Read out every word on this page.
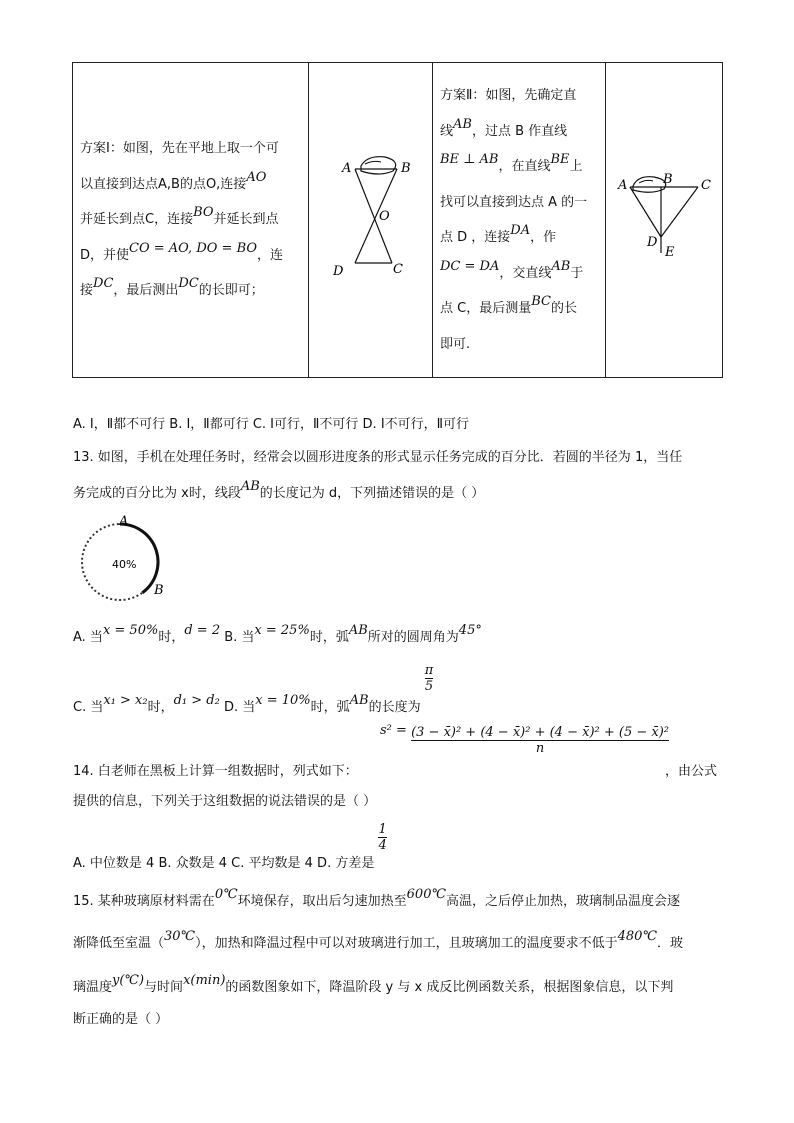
方案Ⅰ：如图，先在平地上取一个可
以直接到达点A,B的点O,连接AO
并延长到点C，连接BO并延长到点
D，并使CO = AO, DO = BO，连
接DC，最后测出DC的长即可；

A	B
O
C
D

方案Ⅱ：如图，先确定直
线AB，过点 B 作直线
BE ⊥ AB，在直线BE上
找可以直接到达点 A 的一
点 D ，连接DA，作
DC = DA，交直线AB于
点 C，最后测量BC的长
即可.

A	B C
D
E
A. Ⅰ，Ⅱ都不可行 B. Ⅰ，Ⅱ都可行 C. Ⅰ可行，Ⅱ不可行 D. Ⅰ不可行，Ⅱ可行
13. 如图，手机在处理任务时，经常会以圆形进度条的形式显示任务完成的百分比．若圆的半径为 1，当任
务完成的百分比为 x时，线段AB的长度记为 d，下列描述错误的是（ ）
40%
A
B
A. 当x = 50%时，d = 2 B. 当x = 25%时，弧AB所对的圆周角为45°
C. 当x₁ > x₂时，d₁ > d₂ D. 当x = 10%时，弧AB的长度为
$\frac{\pi}{5}$
$s^2 = \frac{\text{(3 − x̄)² + (4 − x̄)² + (4 − x̄)² + (5 − x̄)²}}{n}$
14. 白老师在黑板上计算一组数据时，列式如下：	，由公式
提供的信息，下列关于这组数据的说法错误的是（ ）
A. 中位数是 4 B. 众数是 4 C. 平均数是 4 D. 方差是
$\frac{1}{4}$
15. 某种玻璃原材料需在0℃环境保存，取出后匀速加热至600℃高温，之后停止加热，玻璃制品温度会逐
渐降低至室温（30℃），加热和降温过程中可以对玻璃进行加工，且玻璃加工的温度要求不低于480℃．玻
璃温度y(℃)与时间x(min)的函数图象如下，降温阶段 y 与 x 成反比例函数关系，根据图象信息，以下判
断正确的是（ ）
